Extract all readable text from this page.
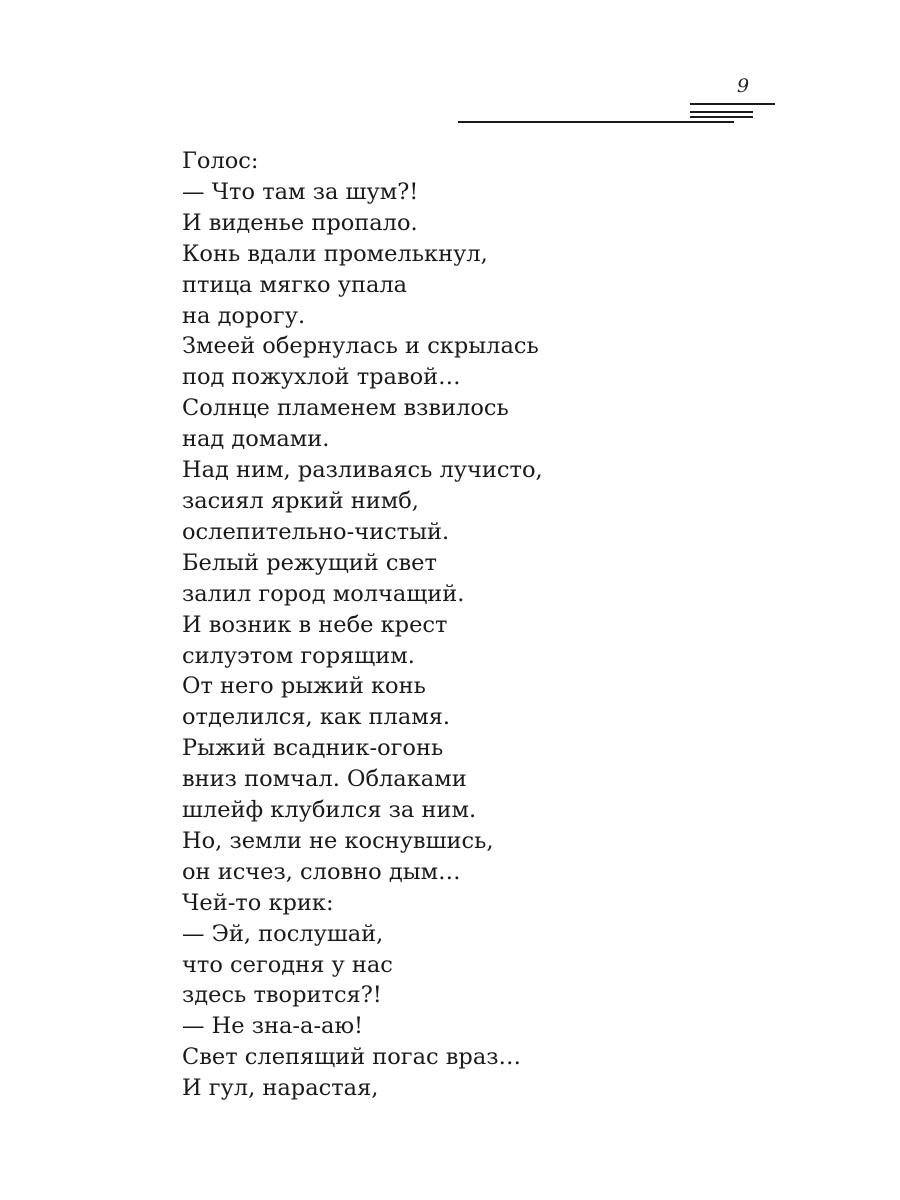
9
Голос:
— Что там за шум?!
И виденье пропало.
Конь вдали промелькнул,
птица мягко упала
на дорогу.
Змеей обернулась и скрылась
под пожухлой травой…
Солнце пламенем взвилось
над домами.
Над ним, разливаясь лучисто,
засиял яркий нимб,
ослепительно-чистый.
Белый режущий свет
залил город молчащий.
И возник в небе крест
силуэтом горящим.
От него рыжий конь
отделился, как пламя.
Рыжий всадник-огонь
вниз помчал. Облаками
шлейф клубился за ним.
Но, земли не коснувшись,
он исчез, словно дым…
Чей-то крик:
— Эй, послушай,
что сегодня у нас
здесь творится?!
— Не зна-а-аю!
Свет слепящий погас враз…
И гул, нарастая,
